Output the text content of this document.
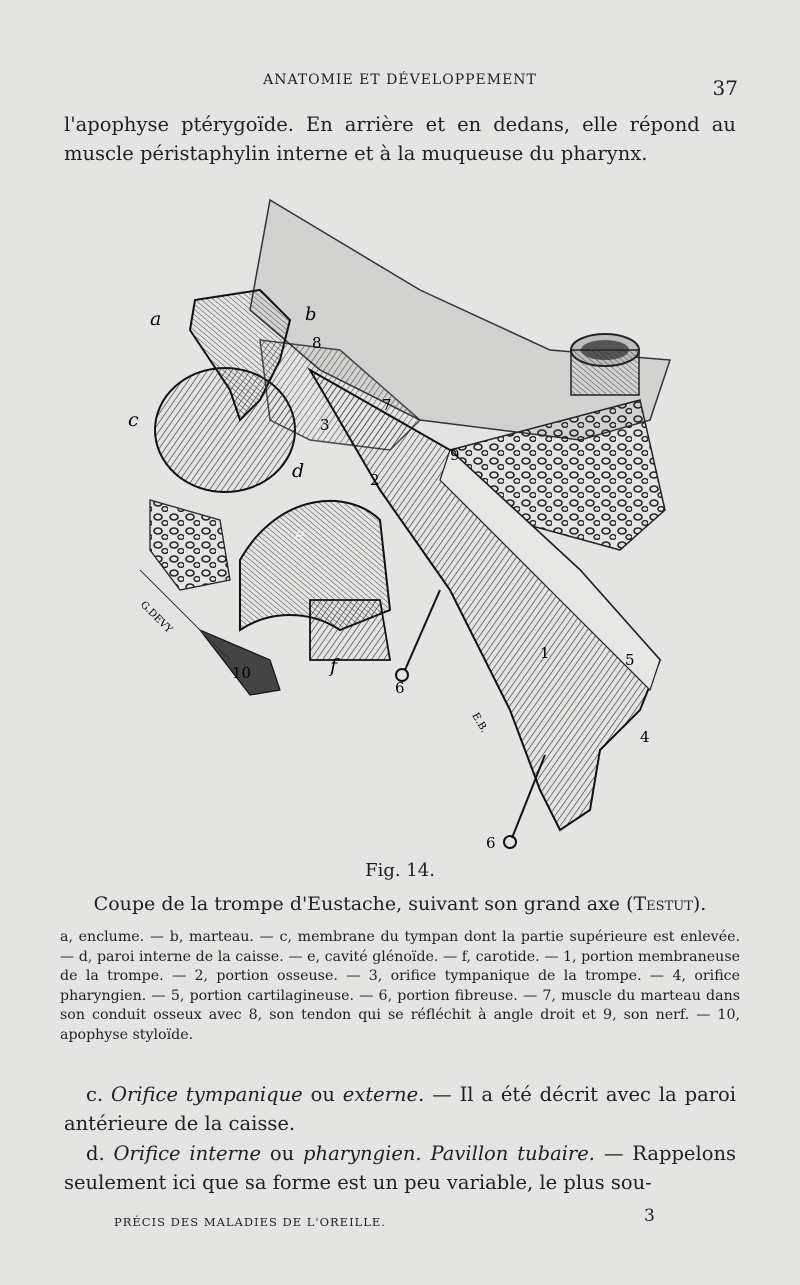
ANATOMIE ET DÉVELOPPEMENT	37

l'apophyse ptérygoïde. En arrière et en dedans, elle répond au muscle péristaphylin interne et à la muqueuse du pharynx.

a	b
c
d
e
f
1
2
3
4
5
6
6
7
8
9
10
G.DEVY
E.B.
Fig. 14.
Coupe de la trompe d'Eustache, suivant son grand axe (Testut).

a, enclume. — b, marteau. — c, membrane du tympan dont la partie supérieure est enlevée. — d, paroi interne de la caisse. — e, cavité glénoïde. — f, carotide. — 1, portion membraneuse de la trompe. — 2, portion osseuse. — 3, orifice tympanique de la trompe. — 4, orifice pharyngien. — 5, portion cartilagineuse. — 6, portion fibreuse. — 7, muscle du marteau dans son conduit osseux avec 8, son tendon qui se réfléchit à angle droit et 9, son nerf. — 10, apophyse styloïde.

c. Orifice tympanique ou externe. — Il a été décrit avec la paroi antérieure de la caisse.

d. Orifice interne ou pharyngien. Pavillon tubaire. — Rappelons seulement ici que sa forme est un peu variable, le plus sou-

PRÉCIS DES MALADIES DE L'OREILLE.	3
